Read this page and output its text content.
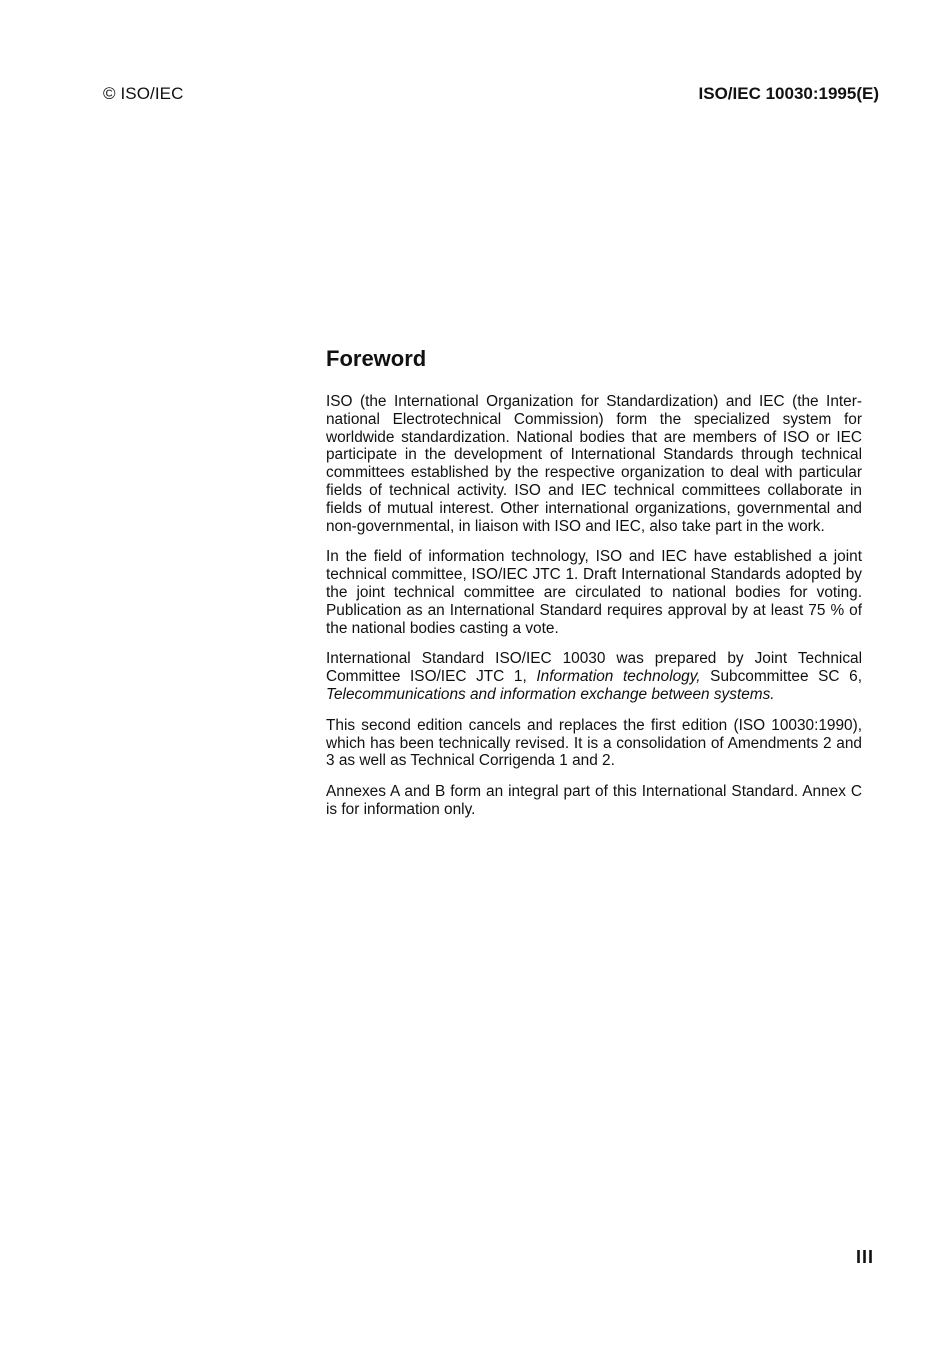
© ISO/IEC	ISO/IEC 10030:1995(E)
Foreword

ISO (the International Organization for Standardization) and IEC (the International Electrotechnical Commission) form the specialized system for worldwide standardization. National bodies that are members of ISO or IEC participate in the development of International Standards through technical committees established by the respective organization to deal with particular fields of technical activity. ISO and IEC technical committees collaborate in fields of mutual interest. Other international organizations, governmental and non-governmental, in liaison with ISO and IEC, also take part in the work.

In the field of information technology, ISO and IEC have established a joint technical committee, ISO/IEC JTC 1. Draft International Standards adopted by the joint technical committee are circulated to national bodies for voting. Publication as an International Standard requires approval by at least 75 % of the national bodies casting a vote.

International Standard ISO/IEC 10030 was prepared by Joint Technical Committee ISO/IEC JTC 1, Information technology, Subcommittee SC 6, Telecommunications and information exchange between systems.

This second edition cancels and replaces the first edition (ISO 10030:1990), which has been technically revised. It is a consolidation of Amendments 2 and 3 as well as Technical Corrigenda 1 and 2.

Annexes A and B form an integral part of this International Standard. Annex C is for information only.

III
